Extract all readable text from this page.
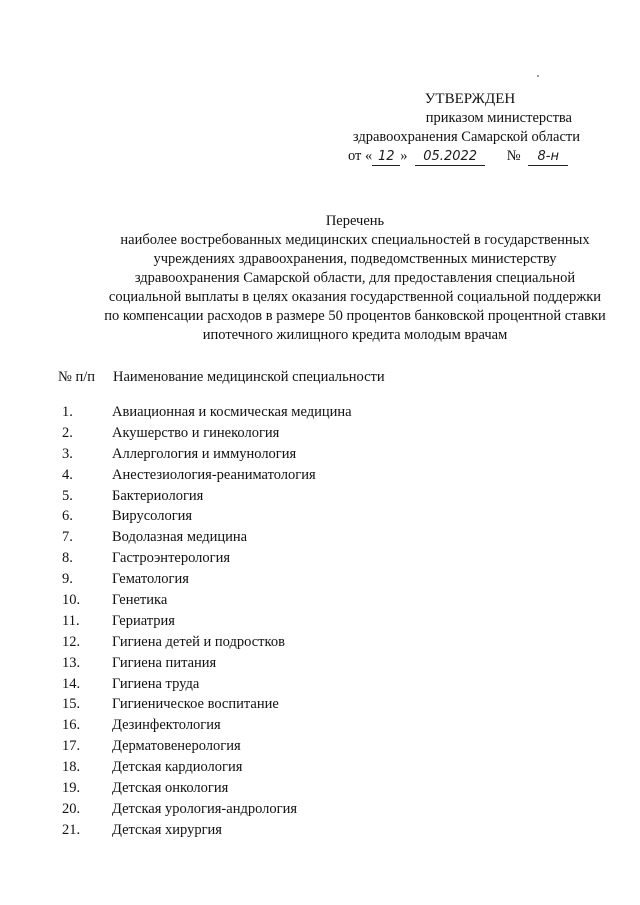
УТВЕРЖДЕН
приказом министерства
здравоохранения Самарской области
от « 12 » 05.2022 № 8-н
Перечень
наиболее востребованных медицинских специальностей в государственных учреждениях здравоохранения, подведомственных министерству здравоохранения Самарской области, для предоставления специальной социальной выплаты в целях оказания государственной социальной поддержки по компенсации расходов в размере 50 процентов банковской процентной ставки ипотечного жилищного кредита молодым врачам
№ п/п	Наименование медицинской специальности
1.	Авиационная и космическая медицина
2.	Акушерство и гинекология
3.	Аллергология и иммунология
4.	Анестезиология-реаниматология
5.	Бактериология
6.	Вирусология
7.	Водолазная медицина
8.	Гастроэнтерология
9.	Гематология
10.	Генетика
11.	Гериатрия
12.	Гигиена детей и подростков
13.	Гигиена питания
14.	Гигиена труда
15.	Гигиеническое воспитание
16.	Дезинфектология
17.	Дерматовенерология
18.	Детская кардиология
19.	Детская онкология
20.	Детская урология-андрология
21.	Детская хирургия
